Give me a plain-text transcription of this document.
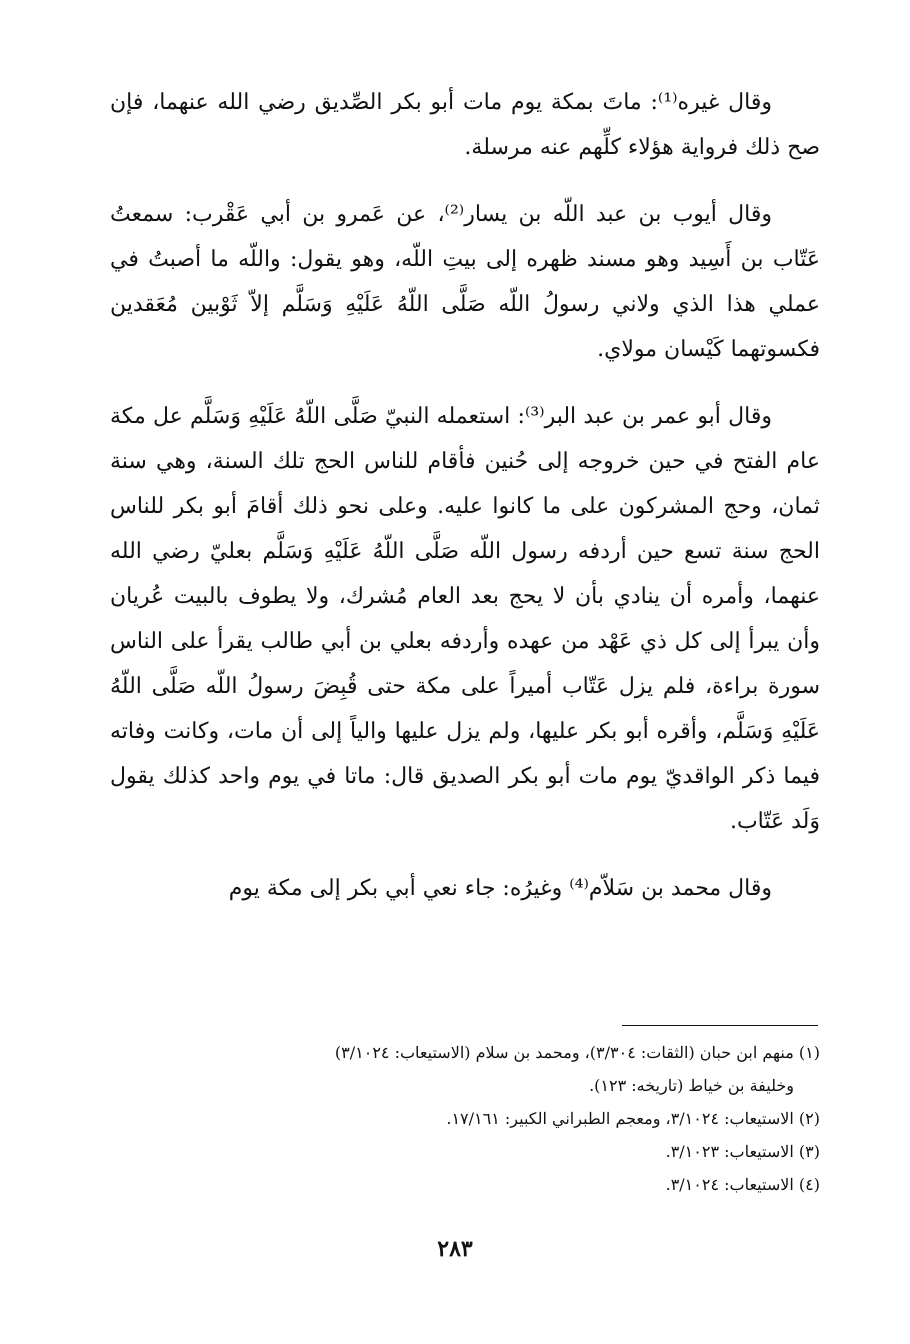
وقال غيره⁽¹⁾: ماتَ بمكة يوم مات أبو بكر الصِّديق رضي الله عنهما، فإن صح ذلك فرواية هؤلاء كلِّهم عنه مرسلة.

وقال أيوب بن عبد اللّه بن يسار⁽²⁾، عن عَمرو بن أبي عَقْرب: سمعتُ عَتّاب بن أَسِيد وهو مسند ظهره إلى بيتِ اللّه، وهو يقول: واللّه ما أصبتُ في عملي هذا الذي ولاني رسولُ اللّه صَلَّى اللّهُ عَلَيْهِ وَسَلَّم إلاّ ثَوْبين مُعَقدين فكسوتهما كَيْسان مولاي.

وقال أبو عمر بن عبد البر⁽³⁾: استعمله النبيّ صَلَّى اللّهُ عَلَيْهِ وَسَلَّم عل مكة عام الفتح في حين خروجه إلى حُنين فأقام للناس الحج تلك السنة، وهي سنة ثمان، وحج المشركون على ما كانوا عليه. وعلى نحو ذلك أقامَ أبو بكر للناس الحج سنة تسع حين أردفه رسول اللّه صَلَّى اللّهُ عَلَيْهِ وَسَلَّم بعليّ رضي الله عنهما، وأمره أن ينادي بأن لا يحج بعد العام مُشرك، ولا يطوف بالبيت عُريان وأن يبرأ إلى كل ذي عَهْد من عهده وأردفه بعلي بن أبي طالب يقرأ على الناس سورة براءة، فلم يزل عَتّاب أميراً على مكة حتى قُبِضَ رسولُ اللّه صَلَّى اللّهُ عَلَيْهِ وَسَلَّم، وأقره أبو بكر عليها، ولم يزل عليها والياً إلى أن مات، وكانت وفاته فيما ذكر الواقديّ يوم مات أبو بكر الصديق قال: ماتا في يوم واحد كذلك يقول وَلَد عَتّاب.

وقال محمد بن سَلاّم⁽⁴⁾ وغيرُه: جاء نعي أبي بكر إلى مكة يوم

(١) منهم ابن حبان (الثقات: ٣/٣٠٤)، ومحمد بن سلام (الاستيعاب: ٣/١٠٢٤)
وخليفة بن خياط (تاريخه: ١٢٣).
(٢) الاستيعاب: ٣/١٠٢٤، ومعجم الطبراني الكبير: ١٧/١٦١.
(٣) الاستيعاب: ٣/١٠٢٣.
(٤) الاستيعاب: ٣/١٠٢٤.
٢٨٣
